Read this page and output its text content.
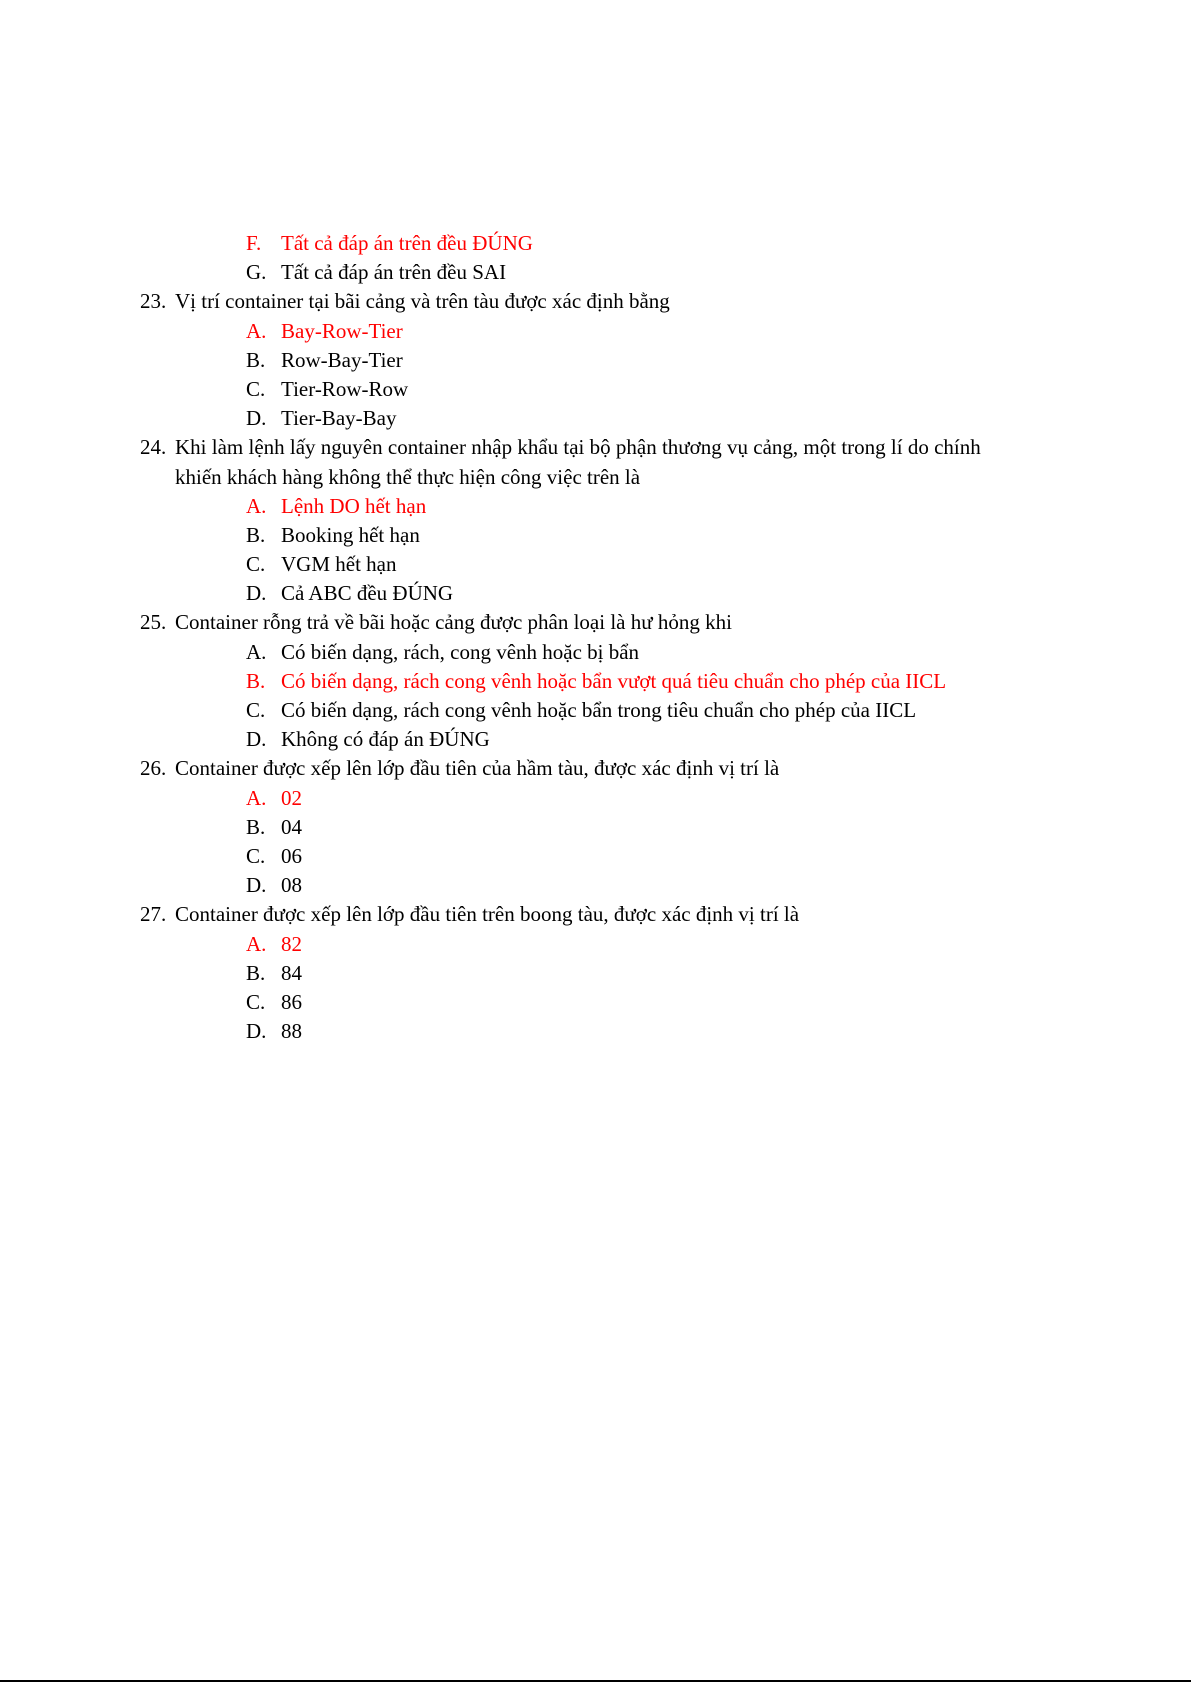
F. Tất cả đáp án trên đều ĐÚNG
G. Tất cả đáp án trên đều SAI
23. Vị trí container tại bãi cảng và trên tàu được xác định bằng
A. Bay-Row-Tier
B. Row-Bay-Tier
C. Tier-Row-Row
D. Tier-Bay-Bay
24. Khi làm lệnh lấy nguyên container nhập khẩu tại bộ phận thương vụ cảng, một trong lí do chính
khiến khách hàng không thể thực hiện công việc trên là
A. Lệnh DO hết hạn
B. Booking hết hạn
C. VGM hết hạn
D. Cả ABC đều ĐÚNG
25. Container rỗng trả về bãi hoặc cảng được phân loại là hư hỏng khi
A. Có biến dạng, rách, cong vênh hoặc bị bẩn
B. Có biến dạng, rách cong vênh hoặc bẩn vượt quá tiêu chuẩn cho phép của IICL
C. Có biến dạng, rách cong vênh hoặc bẩn trong tiêu chuẩn cho phép của IICL
D. Không có đáp án ĐÚNG
26. Container được xếp lên lớp đầu tiên của hầm tàu, được xác định vị trí là
A. 02
B. 04
C. 06
D. 08
27. Container được xếp lên lớp đầu tiên trên boong tàu, được xác định vị trí là
A. 82
B. 84
C. 86
D. 88
